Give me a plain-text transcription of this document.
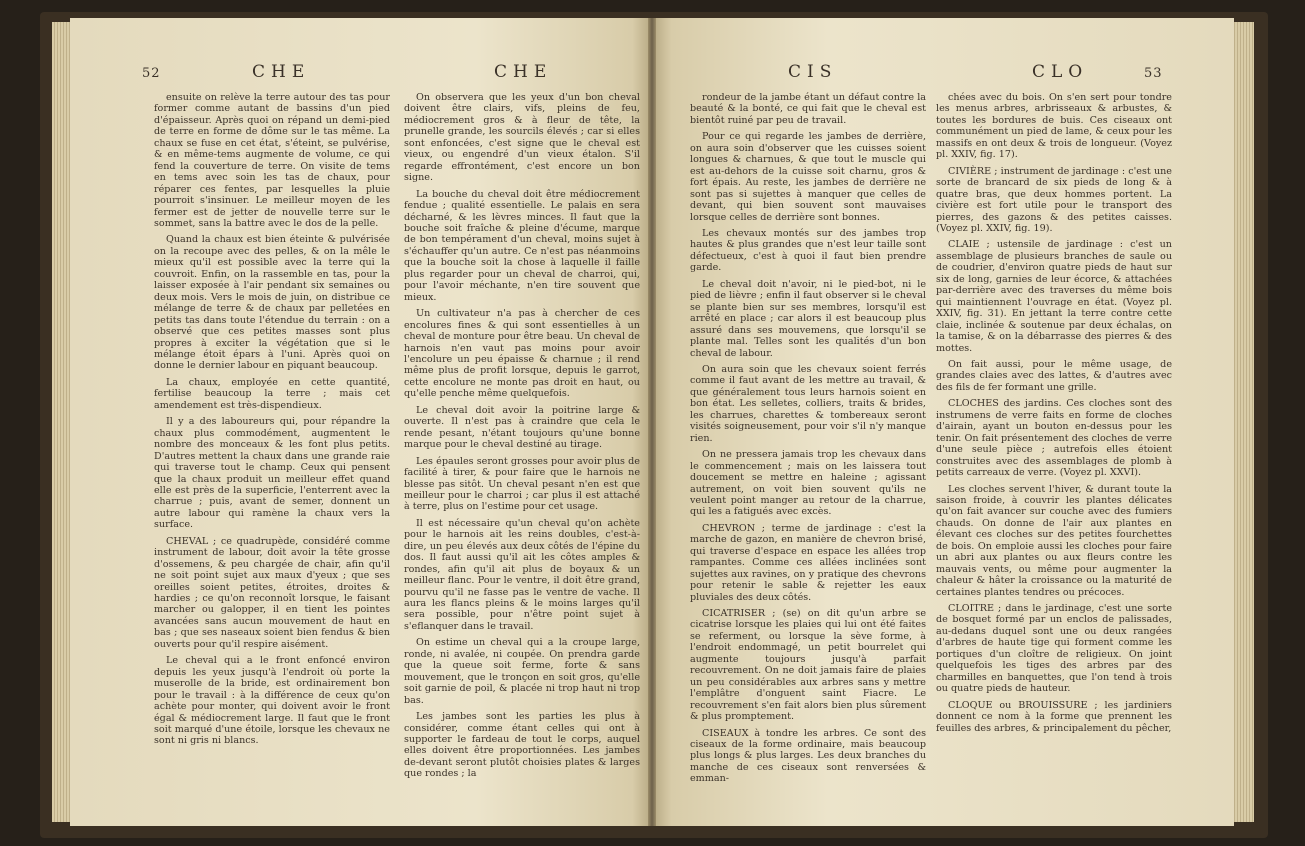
52	CHE	CHE	CIS	CLO	53

ensuite on relève la terre autour des tas pour former comme autant de bassins d'un pied d'épaisseur. Après quoi on répand un demi-pied de terre en forme de dôme sur le tas même. La chaux se fuse en cet état, s'éteint, se pulvérise, & en même-tems augmente de volume, ce qui fend la couverture de terre. On visite de tems en tems avec soin les tas de chaux, pour réparer ces fentes, par lesquelles la pluie pourroit s'insinuer. Le meilleur moyen de les fermer est de jetter de nouvelle terre sur le sommet, sans la battre avec le dos de la pelle.

Quand la chaux est bien éteinte & pulvérisée on la recoupe avec des pelles, & on la mêle le mieux qu'il est possible avec la terre qui la couvroit. Enfin, on la rassemble en tas, pour la laisser exposée à l'air pendant six semaines ou deux mois. Vers le mois de juin, on distribue ce mélange de terre & de chaux par pelletées en petits tas dans toute l'étendue du terrain : on a observé que ces petites masses sont plus propres à exciter la végétation que si le mélange étoit épars à l'uni. Après quoi on donne le dernier labour en piquant beaucoup.

La chaux, employée en cette quantité, fertilise beaucoup la terre ; mais cet amendement est très-dispendieux.

Il y a des laboureurs qui, pour répandre la chaux plus commodément, augmentent le nombre des monceaux & les font plus petits. D'autres mettent la chaux dans une grande raie qui traverse tout le champ. Ceux qui pensent que la chaux produit un meilleur effet quand elle est près de la superficie, l'enterrent avec la charrue ; puis, avant de semer, donnent un autre labour qui ramène la chaux vers la surface.

CHEVAL ; ce quadrupède, considéré comme instrument de labour, doit avoir la tête grosse d'ossemens, & peu chargée de chair, afin qu'il ne soit point sujet aux maux d'yeux ; que ses oreilles soient petites, étroites, droites & hardies ; ce qu'on reconnoît lorsque, le faisant marcher ou galopper, il en tient les pointes avancées sans aucun mouvement de haut en bas ; que ses naseaux soient bien fendus & bien ouverts pour qu'il respire aisément.

Le cheval qui a le front enfoncé environ depuis les yeux jusqu'à l'endroit où porte la muserolle de la bride, est ordinairement bon pour le travail : à la différence de ceux qu'on achète pour monter, qui doivent avoir le front égal & médiocrement large. Il faut que le front soit marqué d'une étoile, lorsque les chevaux ne sont ni gris ni blancs.

On observera que les yeux d'un bon cheval doivent être clairs, vifs, pleins de feu, médiocrement gros & à fleur de tête, la prunelle grande, les sourcils élevés ; car si elles sont enfoncées, c'est signe que le cheval est vieux, ou engendré d'un vieux étalon. S'il regarde effrontément, c'est encore un bon signe.

La bouche du cheval doit être médiocrement fendue ; qualité essentielle. Le palais en sera décharné, & les lèvres minces. Il faut que la bouche soit fraîche & pleine d'écume, marque de bon tempérament d'un cheval, moins sujet à s'échauffer qu'un autre. Ce n'est pas néanmoins que la bouche soit la chose à laquelle il faille plus regarder pour un cheval de charroi, qui, pour l'avoir méchante, n'en tire souvent que mieux.

Un cultivateur n'a pas à chercher de ces encolures fines & qui sont essentielles à un cheval de monture pour être beau. Un cheval de harnois n'en vaut pas moins pour avoir l'encolure un peu épaisse & charnue ; il rend même plus de profit lorsque, depuis le garrot, cette encolure ne monte pas droit en haut, ou qu'elle penche même quelquefois.

Le cheval doit avoir la poitrine large & ouverte. Il n'est pas à craindre que cela le rende pesant, n'étant toujours qu'une bonne marque pour le cheval destiné au tirage.

Les épaules seront grosses pour avoir plus de facilité à tirer, & pour faire que le harnois ne blesse pas sitôt. Un cheval pesant n'en est que meilleur pour le charroi ; car plus il est attaché à terre, plus on l'estime pour cet usage.

Il est nécessaire qu'un cheval qu'on achète pour le harnois ait les reins doubles, c'est-à-dire, un peu élevés aux deux côtés de l'épine du dos. Il faut aussi qu'il ait les côtes amples & rondes, afin qu'il ait plus de boyaux & un meilleur flanc. Pour le ventre, il doit être grand, pourvu qu'il ne fasse pas le ventre de vache. Il aura les flancs pleins & le moins larges qu'il sera possible, pour n'être point sujet à s'eflanquer dans le travail.

On estime un cheval qui a la croupe large, ronde, ni avalée, ni coupée. On prendra garde que la queue soit ferme, forte & sans mouvement, que le tronçon en soit gros, qu'elle soit garnie de poil, & placée ni trop haut ni trop bas.

Les jambes sont les parties les plus à considérer, comme étant celles qui ont à supporter le fardeau de tout le corps, auquel elles doivent être proportionnées. Les jambes de-devant seront plutôt choisies plates & larges que rondes ; la

rondeur de la jambe étant un défaut contre la beauté & la bonté, ce qui fait que le cheval est bientôt ruiné par peu de travail.

Pour ce qui regarde les jambes de derrière, on aura soin d'observer que les cuisses soient longues & charnues, & que tout le muscle qui est au-dehors de la cuisse soit charnu, gros & fort épais. Au reste, les jambes de derrière ne sont pas si sujettes à manquer que celles de devant, qui bien souvent sont mauvaises lorsque celles de derrière sont bonnes.

Les chevaux montés sur des jambes trop hautes & plus grandes que n'est leur taille sont défectueux, c'est à quoi il faut bien prendre garde.

Le cheval doit n'avoir, ni le pied-bot, ni le pied de lièvre ; enfin il faut observer si le cheval se plante bien sur ses membres, lorsqu'il est arrêté en place ; car alors il est beaucoup plus assuré dans ses mouvemens, que lorsqu'il se plante mal. Telles sont les qualités d'un bon cheval de labour.

On aura soin que les chevaux soient ferrés comme il faut avant de les mettre au travail, & que généralement tous leurs harnois soient en bon état. Les selletes, colliers, traits & brides, les charrues, charettes & tombereaux seront visités soigneusement, pour voir s'il n'y manque rien.

On ne pressera jamais trop les chevaux dans le commencement ; mais on les laissera tout doucement se mettre en haleine ; agissant autrement, on voit bien souvent qu'ils ne veulent point manger au retour de la charrue, qui les a fatigués avec excès.

CHEVRON ; terme de jardinage : c'est la marche de gazon, en manière de chevron brisé, qui traverse d'espace en espace les allées trop rampantes. Comme ces allées inclinées sont sujettes aux ravines, on y pratique des chevrons pour retenir le sable & rejetter les eaux pluviales des deux côtés.

CICATRISER ; (se) on dit qu'un arbre se cicatrise lorsque les plaies qui lui ont été faites se referment, ou lorsque la sève forme, à l'endroit endommagé, un petit bourrelet qui augmente toujours jusqu'à parfait recouvrement. On ne doit jamais faire de plaies un peu considérables aux arbres sans y mettre l'emplâtre d'onguent saint Fiacre. Le recouvrement s'en fait alors bien plus sûrement & plus promptement.

CISEAUX à tondre les arbres. Ce sont des ciseaux de la forme ordinaire, mais beaucoup plus longs & plus larges. Les deux branches du manche de ces ciseaux sont renversées & emman-

chées avec du bois. On s'en sert pour tondre les menus arbres, arbrisseaux & arbustes, & toutes les bordures de buis. Ces ciseaux ont communément un pied de lame, & ceux pour les massifs en ont deux & trois de longueur. (Voyez pl. XXIV, fig. 17).

CIVIÈRE ; instrument de jardinage : c'est une sorte de brancard de six pieds de long & à quatre bras, que deux hommes portent. La civière est fort utile pour le transport des pierres, des gazons & des petites caisses. (Voyez pl. XXIV, fig. 19).

CLAIE ; ustensile de jardinage : c'est un assemblage de plusieurs branches de saule ou de coudrier, d'environ quatre pieds de haut sur six de long, garnies de leur écorce, & attachées par-derrière avec des traverses du même bois qui maintiennent l'ouvrage en état. (Voyez pl. XXIV, fig. 31). En jettant la terre contre cette claie, inclinée & soutenue par deux échalas, on la tamise, & on la débarrasse des pierres & des mottes.

On fait aussi, pour le même usage, de grandes claies avec des lattes, & d'autres avec des fils de fer formant une grille.

CLOCHES des jardins. Ces cloches sont des instrumens de verre faits en forme de cloches d'airain, ayant un bouton en-dessus pour les tenir. On fait présentement des cloches de verre d'une seule pièce ; autrefois elles étoient construites avec des assemblages de plomb à petits carreaux de verre. (Voyez pl. XXVI).

Les cloches servent l'hiver, & durant toute la saison froide, à couvrir les plantes délicates qu'on fait avancer sur couche avec des fumiers chauds. On donne de l'air aux plantes en élevant ces cloches sur des petites fourchettes de bois. On emploie aussi les cloches pour faire un abri aux plantes ou aux fleurs contre les mauvais vents, ou même pour augmenter la chaleur & hâter la croissance ou la maturité de certaines plantes tendres ou précoces.

CLOITRE ; dans le jardinage, c'est une sorte de bosquet formé par un enclos de palissades, au-dedans duquel sont une ou deux rangées d'arbres de haute tige qui forment comme les portiques d'un cloître de religieux. On joint quelquefois les tiges des arbres par des charmilles en banquettes, que l'on tend à trois ou quatre pieds de hauteur.

CLOQUE ou BROUISSURE ; les jardiniers donnent ce nom à la forme que prennent les feuilles des arbres, & principalement du pêcher,
